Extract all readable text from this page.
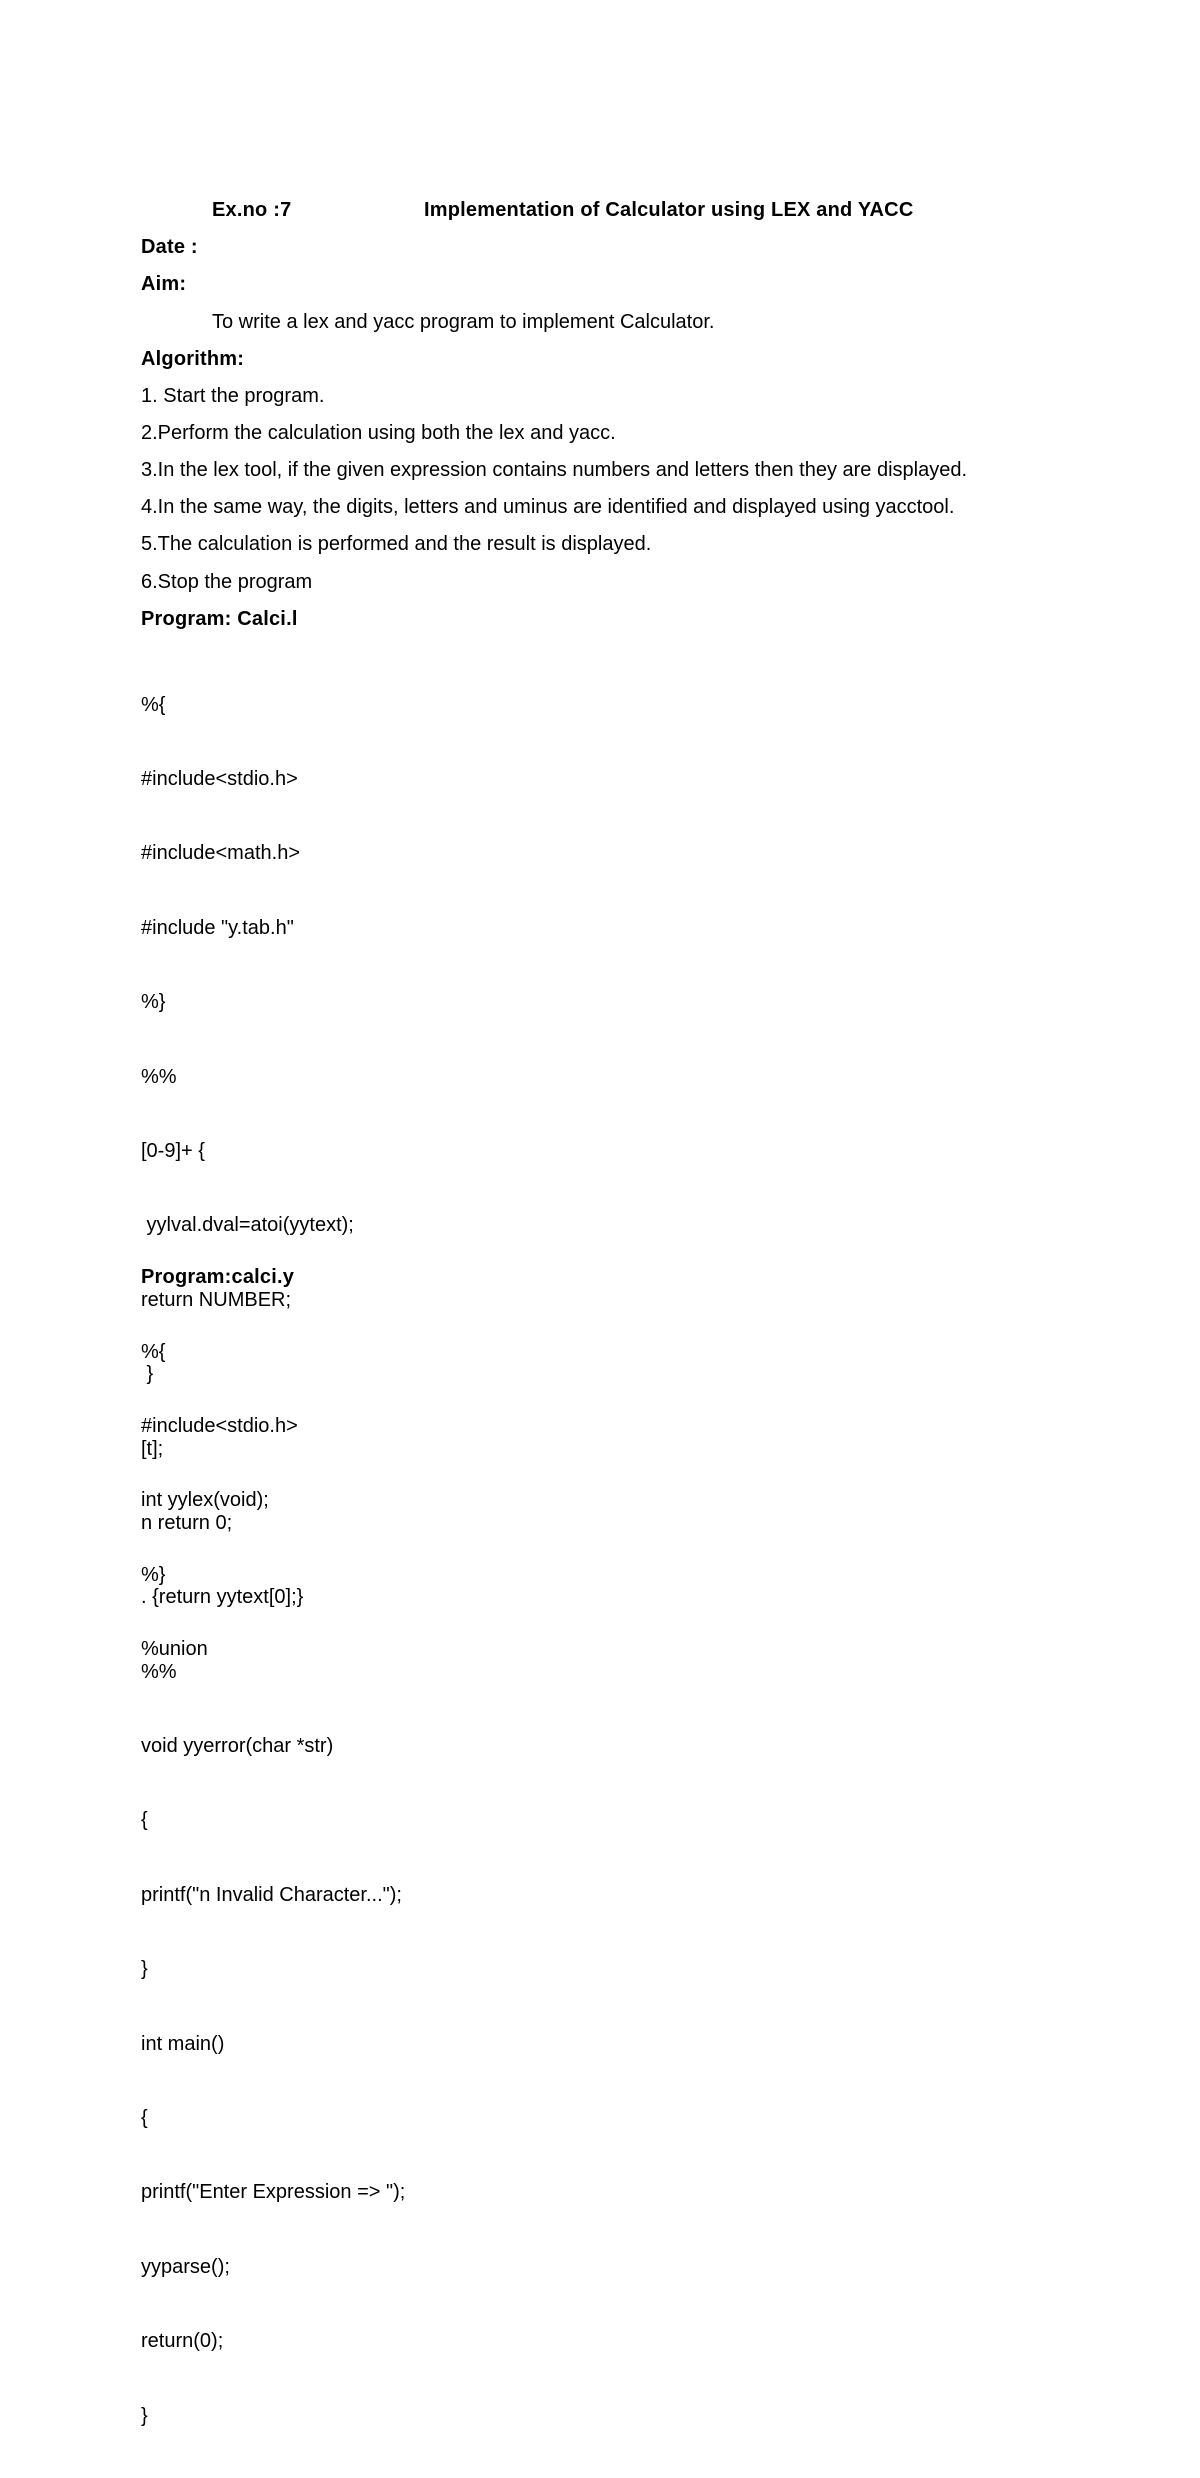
Ex.no :7	Implementation of Calculator using LEX and YACC
Date :
Aim:
To write a lex and yacc program to implement Calculator.
Algorithm:
1. Start the program.
2.Perform the calculation using both the lex and yacc.
3.In the lex tool, if the given expression contains numbers and letters then they are displayed.
4.In the same way, the digits, letters and uminus are identified and displayed using yacctool.
5.The calculation is performed and the result is displayed.
6.Stop the program
Program: Calci.l

%{

#include<stdio.h>

#include<math.h>

#include "y.tab.h"

%}

%%

[0-9]+ {

yylval.dval=atoi(yytext);

return NUMBER;

}

[t];

n return 0;

. {return yytext[0];}

%%

void yyerror(char *str)

{

printf("n Invalid Character...");

}

int main()

{

printf("Enter Expression => ");

yyparse();

return(0);

}

Program:calci.y

%{

#include<stdio.h>

int yylex(void);

%}

%union
